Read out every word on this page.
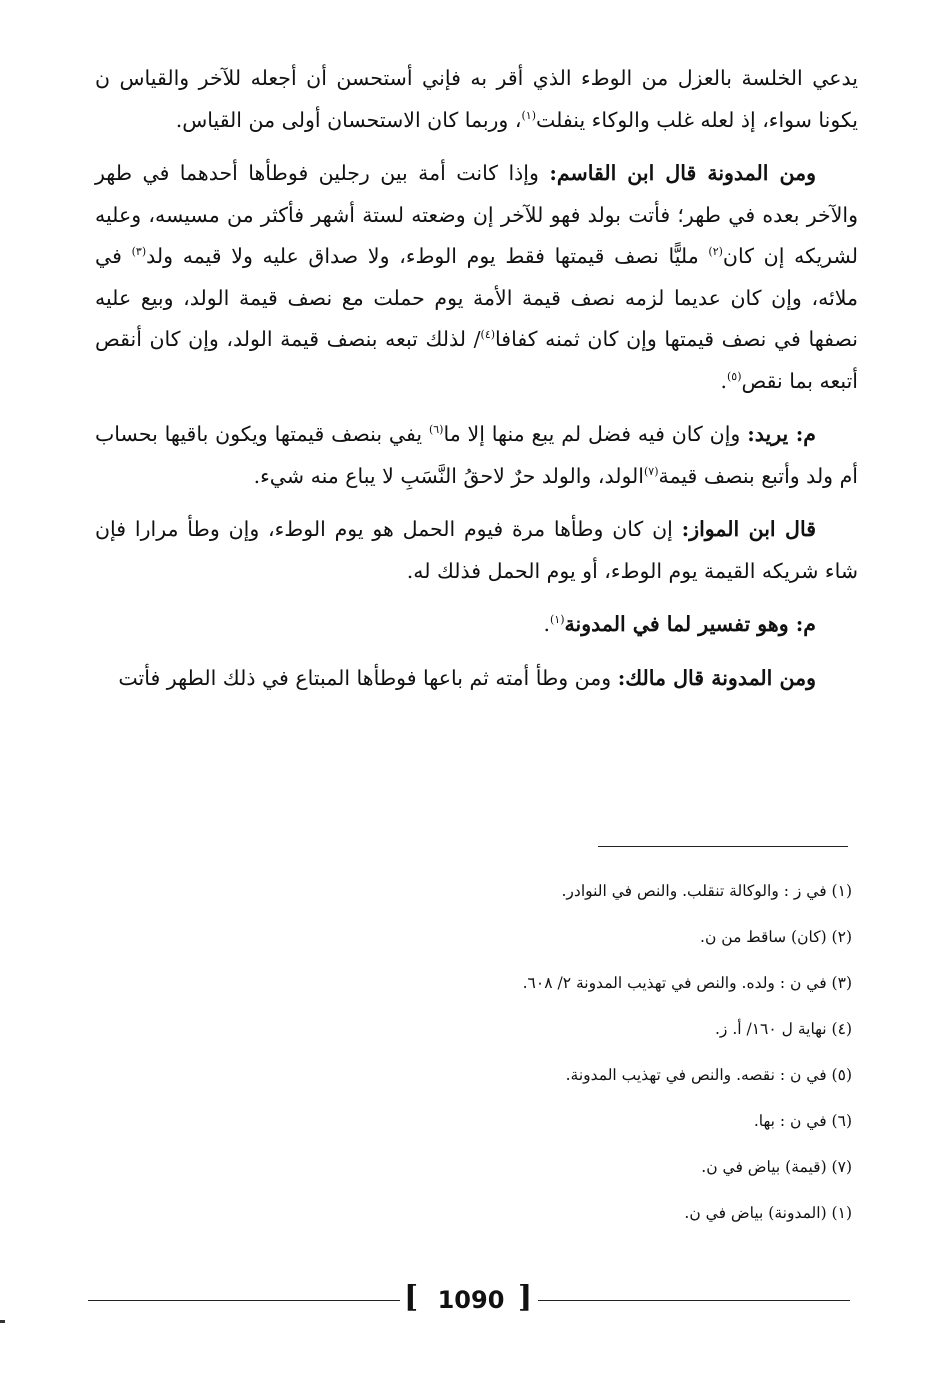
يدعي الخلسة بالعزل من الوطء الذي أقر به فإني أستحسن أن أجعله للآخر والقياس ن يكونا سواء، إذ لعله غلب والوكاء ينفلت$^{(١)}$، وربما كان الاستحسان أولى من القياس.

ومن المدونة قال ابن القاسم: وإذا كانت أمة بين رجلين فوطأها أحدهما في طهر والآخر بعده في طهر؛ فأتت بولد فهو للآخر إن وضعته لستة أشهر فأكثر من مسيسه، وعليه لشريكه إن كان$^{(٢)}$ مليًّا نصف قيمتها فقط يوم الوطء، ولا صداق عليه ولا قيمه ولد$^{(٣)}$ في ملائه، وإن كان عديما لزمه نصف قيمة الأمة يوم حملت مع نصف قيمة الولد، وبيع عليه نصفها في نصف قيمتها وإن كان ثمنه كفافا$^{(٤)}$/ لذلك تبعه بنصف قيمة الولد، وإن كان أنقص أتبعه بما نقص$^{(٥)}$.

م: يريد: وإن كان فيه فضل لم يبع منها إلا ما$^{(٦)}$ يفي بنصف قيمتها ويكون باقيها بحساب أم ولد وأتبع بنصف قيمة$^{(٧)}$الولد، والولد حرٌ لاحقُ النَّسَبِ لا يباع منه شيء.

قال ابن المواز: إن كان وطأها مرة فيوم الحمل هو يوم الوطء، وإن وطأ مرارا فإن شاء شريكه القيمة يوم الوطء، أو يوم الحمل فذلك له.

م: وهو تفسير لما في المدونة$^{(١)}$.

ومن المدونة قال مالك: ومن وطأ أمته ثم باعها فوطأها المبتاع في ذلك الطهر فأتت

(١) في ز : والوكالة تنقلب. والنص في النوادر.
(٢) (كان) ساقط من ن.
(٣) في ن : ولده. والنص في تهذيب المدونة ٢/ ٦٠٨.
(٤) نهاية ل ١٦٠/ أ. ز.
(٥) في ن : نقصه. والنص في تهذيب المدونة.
(٦) في ن : بها.
(٧) (قيمة) بياض في ن.
(١) (المدونة) بياض في ن.
[ 1090 ]
